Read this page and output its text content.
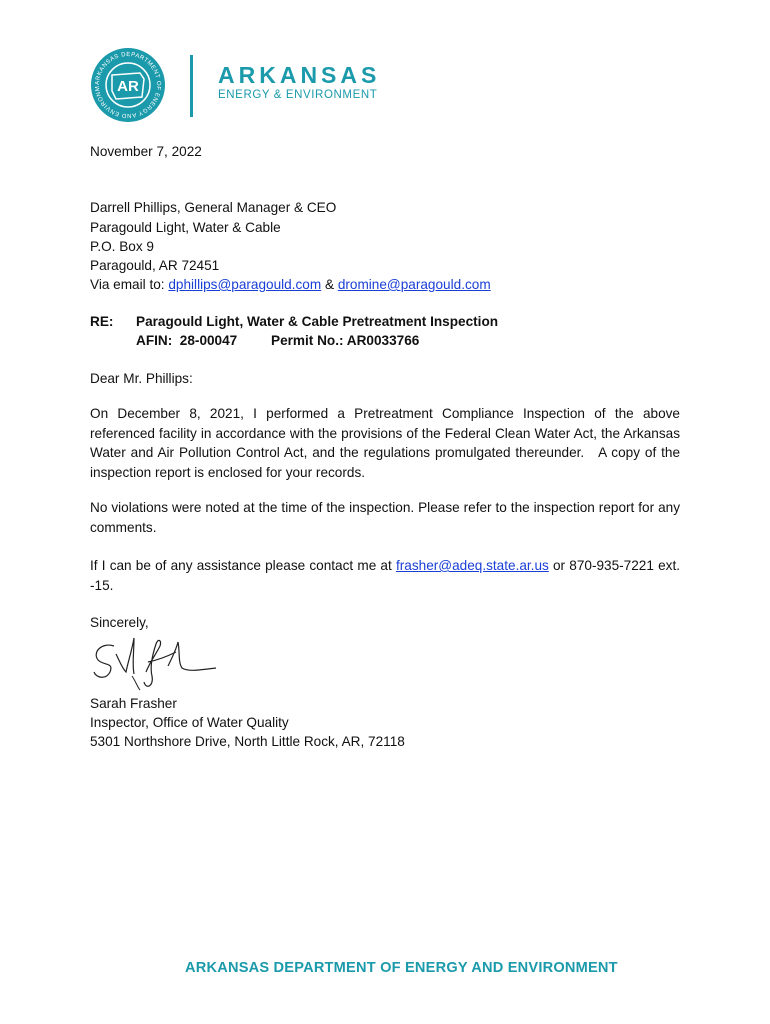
ARKANSAS DEPARTMENT OF ENERGY AND ENVIRONM	AR	ARKANSAS
ENERGY & ENVIRONMENT
November 7, 2022
Darrell Phillips, General Manager & CEO
Paragould Light, Water & Cable
P.O. Box 9
Paragould, AR 72451
Via email to: dphillips@paragould.com & dromine@paragould.com
RE: Paragould Light, Water & Cable Pretreatment Inspection
AFIN:  28-00047 Permit No.: AR0033766
Dear Mr. Phillips:
On December 8, 2021, I performed a Pretreatment Compliance Inspection of the above referenced facility in accordance with the provisions of the Federal Clean Water Act, the Arkansas Water and Air Pollution Control Act, and the regulations promulgated thereunder.   A copy of the inspection report is enclosed for your records.
No violations were noted at the time of the inspection. Please refer to the inspection report for any comments.
If I can be of any assistance please contact me at frasher@adeq.state.ar.us or 870-935-7221 ext. -15.
Sincerely,
Sarah Frasher
Inspector, Office of Water Quality
5301 Northshore Drive, North Little Rock, AR, 72118
ARKANSAS DEPARTMENT OF ENERGY AND ENVIRONMENT
